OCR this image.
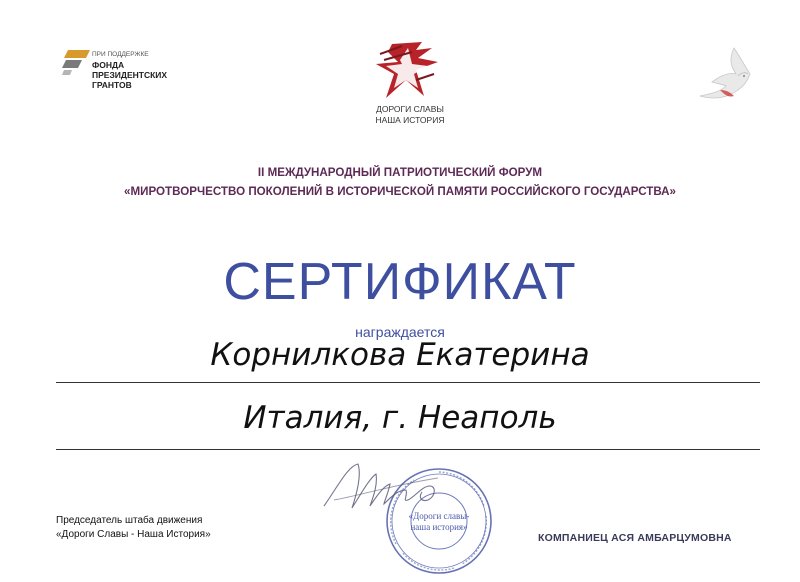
ПРИ ПОДДЕРЖКЕ
ФОНДА
ПРЕЗИДЕНТСКИХ
ГРАНТОВ
ДОРОГИ СЛАВЫ
НАША ИСТОРИЯ
II МЕЖДУНАРОДНЫЙ ПАТРИОТИЧЕСКИЙ ФОРУМ
«МИРОТВОРЧЕСТВО ПОКОЛЕНИЙ В ИСТОРИЧЕСКОЙ ПАМЯТИ РОССИЙСКОГО ГОСУДАРСТВА»
СЕРТИФИКАТ
награждается
Корнилкова Екатерина
Италия, г. Неаполь
«Дороги славы-
наша история»
Председатель штаба движения
«Дороги Славы - Наша История»	КОМПАНИЕЦ АСЯ АМБАРЦУМОВНА
